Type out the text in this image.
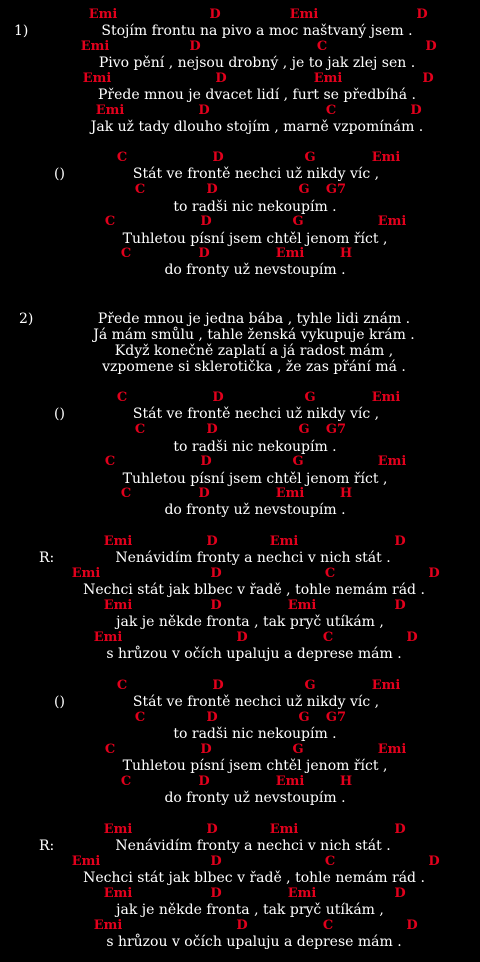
1)
Emi	D	Emi	D
Stojím frontu na pivo a moc naštvaný jsem .
Emi	D	C	D
Pivo pění , nejsou drobný , je to jak zlej sen .
Emi	D	Emi	D
Přede mnou je dvacet lidí , furt se předbíhá .
Emi	D	C	D
Jak už tady dlouho stojím , marně vzpomínám .
()
C	D	G	Emi
Stát ve frontě nechci už nikdy víc ,
C	D	G G7
to radši nic nekoupím .
C	D	G	Emi
Tuhletou písní jsem chtěl jenom říct ,
C	D	Emi	H
do fronty už nevstoupím .
2)	Přede mnou je jedna bába , tyhle lidi znám .
Já mám smůlu , tahle ženská vykupuje krám .
Když konečně zaplatí a já radost mám ,
vzpomene si sklerotička , že zas přání má .
()
C	D	G	Emi
Stát ve frontě nechci už nikdy víc ,
C	D	G G7
to radši nic nekoupím .
C	D	G	Emi
Tuhletou písní jsem chtěl jenom říct ,
C	D	Emi	H
do fronty už nevstoupím .
R:
Emi	D	Emi	D
Nenávidím fronty a nechci v nich stát .
Emi	D	C	D
Nechci stát jak blbec v řadě , tohle nemám rád .
Emi	D	Emi	D
jak je někde fronta , tak pryč utíkám ,
Emi	D	C	D
s hrůzou v očích upaluju a deprese mám .
()
C	D	G	Emi
Stát ve frontě nechci už nikdy víc ,
C	D	G G7
to radši nic nekoupím .
C	D	G	Emi
Tuhletou písní jsem chtěl jenom říct ,
C	D	Emi	H
do fronty už nevstoupím .
R:
Emi	D	Emi	D
Nenávidím fronty a nechci v nich stát .
Emi	D	C	D
Nechci stát jak blbec v řadě , tohle nemám rád .
Emi	D	Emi	D
jak je někde fronta , tak pryč utíkám ,
Emi	D	C	D
s hrůzou v očích upaluju a deprese mám .
